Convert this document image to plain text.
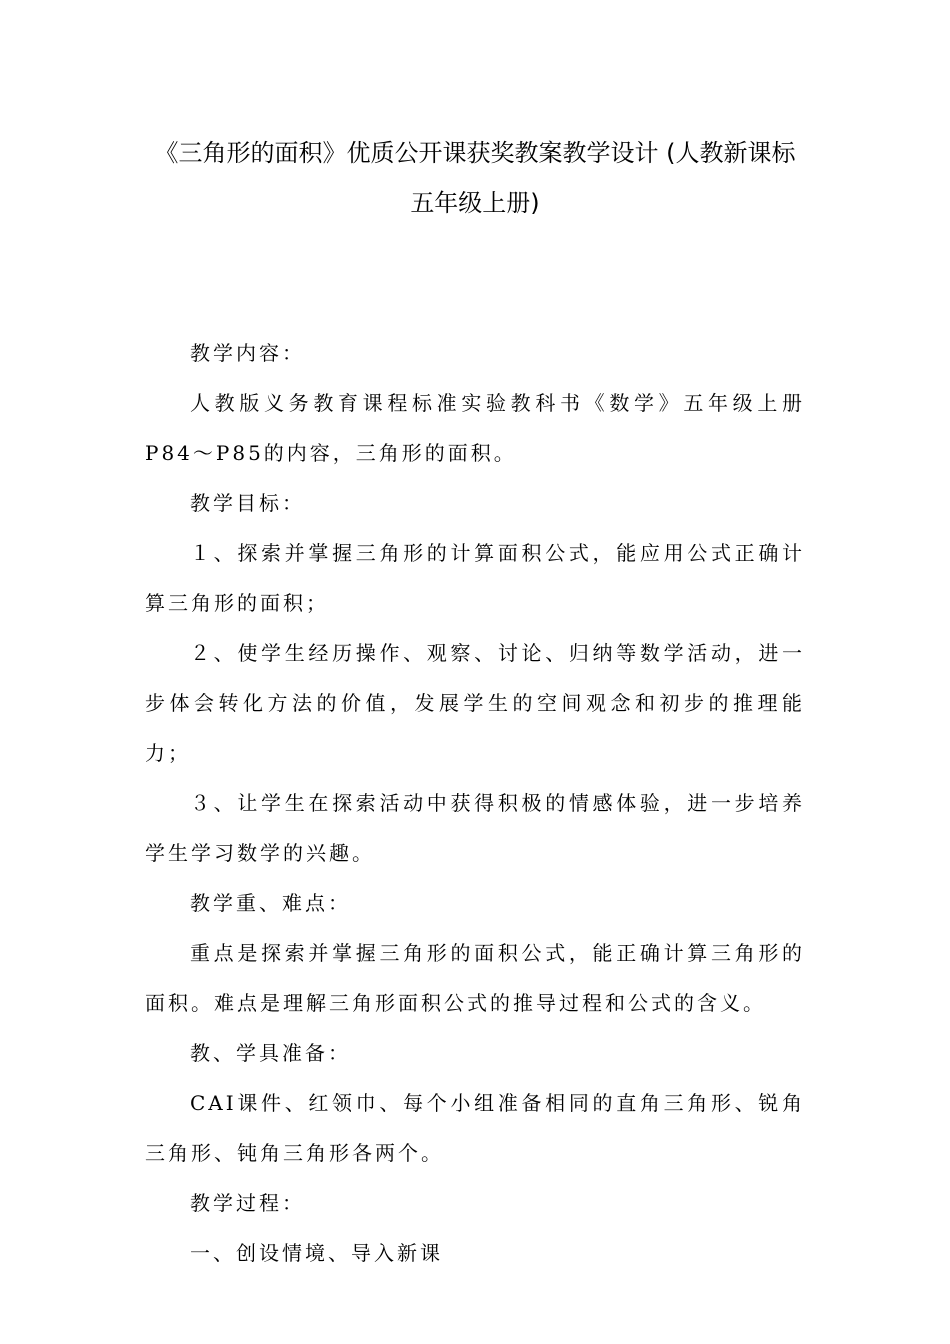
《三角形的面积》优质公开课获奖教案教学设计 (人教新课标五年级上册)

教学内容：

人教版义务教育课程标准实验教科书《数学》五年级上册P84～P85的内容，三角形的面积。

教学目标：

１、探索并掌握三角形的计算面积公式，能应用公式正确计算三角形的面积；

２、使学生经历操作、观察、讨论、归纳等数学活动，进一步体会转化方法的价值，发展学生的空间观念和初步的推理能力；

３、让学生在探索活动中获得积极的情感体验，进一步培养学生学习数学的兴趣。

教学重、难点：

重点是探索并掌握三角形的面积公式，能正确计算三角形的面积。难点是理解三角形面积公式的推导过程和公式的含义。

教、学具准备：

CAI课件、红领巾、每个小组准备相同的直角三角形、锐角三角形、钝角三角形各两个。

教学过程：

一、创设情境、导入新课
